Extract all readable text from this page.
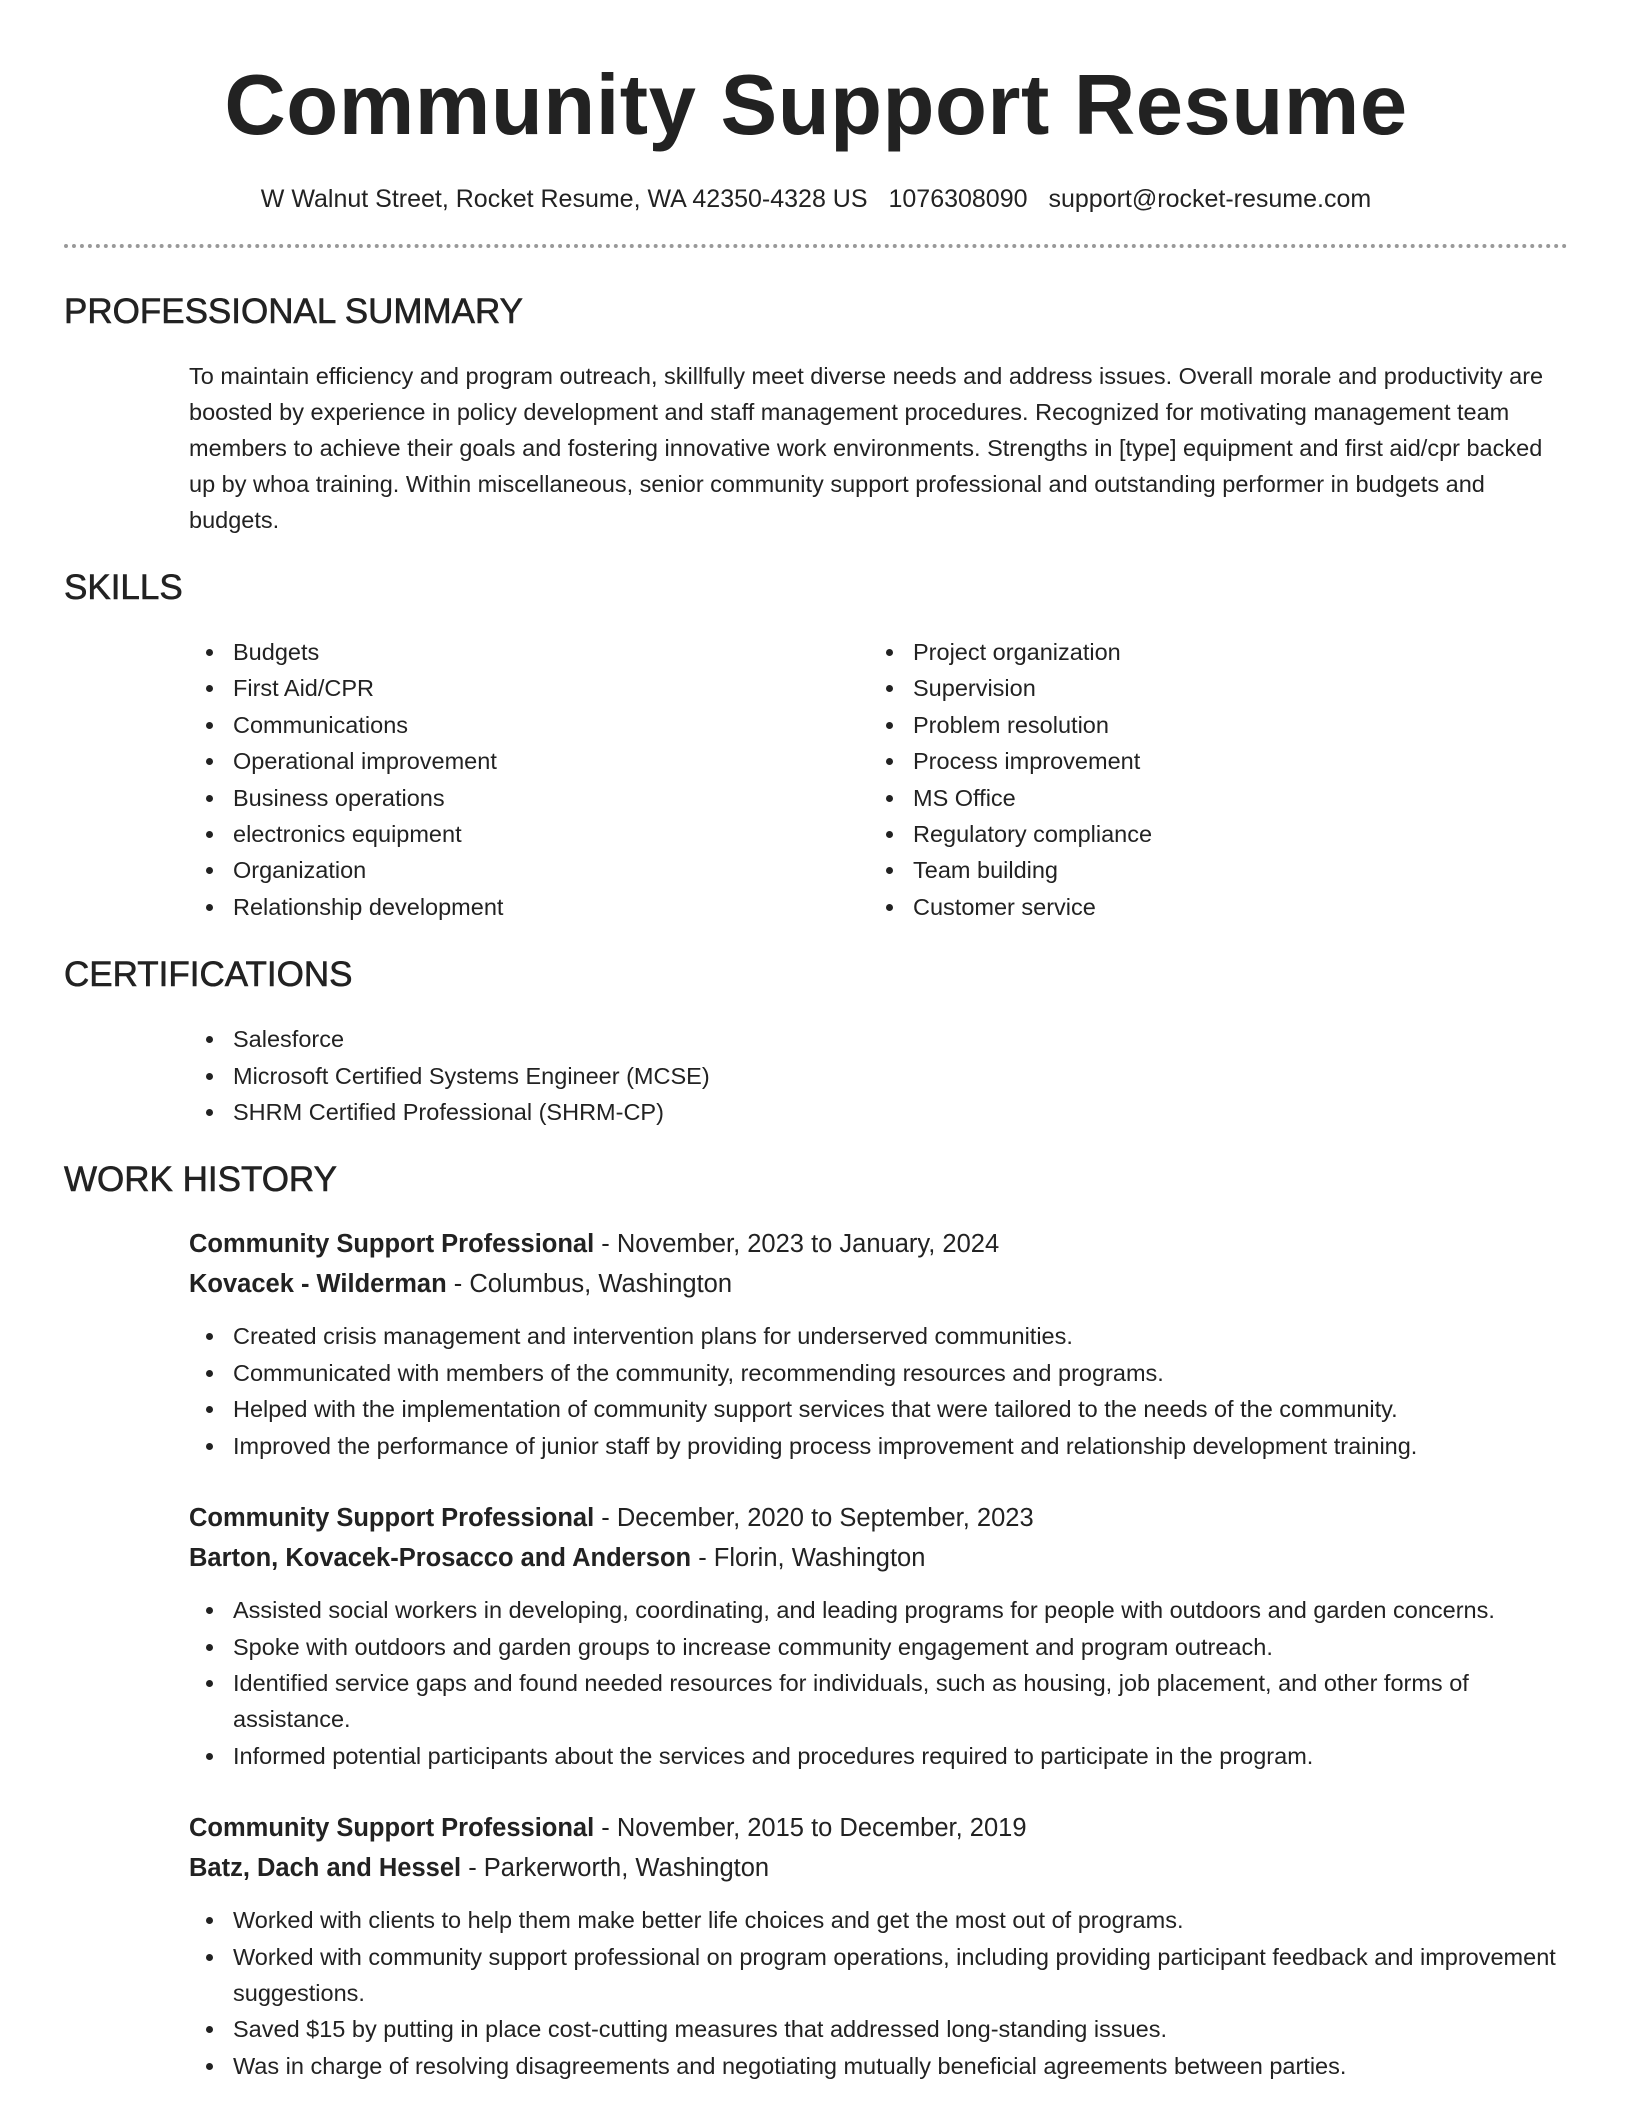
Community Support Resume
W Walnut Street, Rocket Resume, WA 42350-4328 US 1076308090 support@rocket-resume.com
PROFESSIONAL SUMMARY

To maintain efficiency and program outreach, skillfully meet diverse needs and address issues. Overall morale and productivity are boosted by experience in policy development and staff management procedures. Recognized for motivating management team members to achieve their goals and fostering innovative work environments. Strengths in [type] equipment and first aid/cpr backed up by whoa training. Within miscellaneous, senior community support professional and outstanding performer in budgets and budgets.

SKILLS
Budgets
First Aid/CPR
Communications
Operational improvement
Business operations
electronics equipment
Organization
Relationship development
Project organization
Supervision
Problem resolution
Process improvement
MS Office
Regulatory compliance
Team building
Customer service
CERTIFICATIONS
Salesforce
Microsoft Certified Systems Engineer (MCSE)
SHRM Certified Professional (SHRM-CP)
WORK HISTORY
Community Support Professional - November, 2023 to January, 2024
Kovacek - Wilderman - Columbus, Washington
Created crisis management and intervention plans for underserved communities.
Communicated with members of the community, recommending resources and programs.
Helped with the implementation of community support services that were tailored to the needs of the community.
Improved the performance of junior staff by providing process improvement and relationship development training.
Community Support Professional - December, 2020 to September, 2023
Barton, Kovacek-Prosacco and Anderson - Florin, Washington
Assisted social workers in developing, coordinating, and leading programs for people with outdoors and garden concerns.
Spoke with outdoors and garden groups to increase community engagement and program outreach.
Identified service gaps and found needed resources for individuals, such as housing, job placement, and other forms of assistance.
Informed potential participants about the services and procedures required to participate in the program.
Community Support Professional - November, 2015 to December, 2019
Batz, Dach and Hessel - Parkerworth, Washington
Worked with clients to help them make better life choices and get the most out of programs.
Worked with community support professional on program operations, including providing participant feedback and improvement suggestions.
Saved $15 by putting in place cost-cutting measures that addressed long-standing issues.
Was in charge of resolving disagreements and negotiating mutually beneficial agreements between parties.
